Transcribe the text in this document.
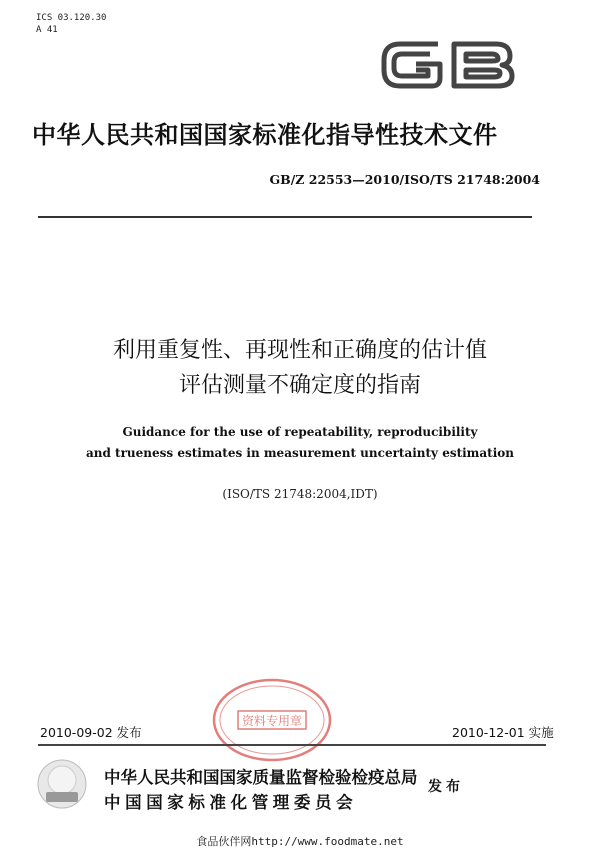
ICS 03.120.30
A 41
中华人民共和国国家标准化指导性技术文件
GB/Z 22553—2010/ISO/TS 21748:2004
利用重复性、再现性和正确度的估计值
评估测量不确定度的指南
Guidance for the use of repeatability, reproducibility
and trueness estimates in measurement uncertainty estimation
(ISO/TS 21748:2004,IDT)
资料专用章
2010-09-02 发布	2010-12-01 实施
中华人民共和国国家质量监督检验检疫总局
中国国家标准化管理委员会
发布
食品伙伴网http://www.foodmate.net
